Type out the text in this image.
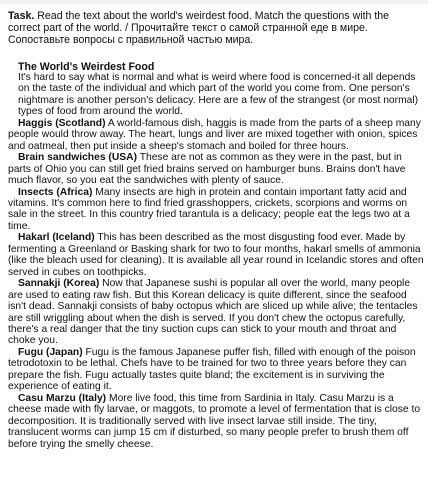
Task. Read the text about the world's weirdest food. Match the questions with the correct part of the world. / Прочитайте текст о самой странной еде в мире. Сопоставьте вопросы с правильной частью мира.
The World's Weirdest Food

It's hard to say what is normal and what is weird where food is concerned-it all depends on the taste of the individual and which part of the world you come from. One person's nightmare is another person's delicacy. Here are a few of the strangest (or most normal) types of food from around the world.

Haggis (Scotland) A world-famous dish, haggis is made from the parts of a sheep many people would throw away. The heart, lungs and liver are mixed together with onion, spices and oatmeal, then put inside a sheep's stomach and boiled for three hours.

Brain sandwiches (USA) These are not as common as they were in the past, but in parts of Ohio you can still get fried brains served on hamburger buns. Brains don't have much flavor, so you eat the sandwiches with plenty of sauce.

Insects (Africa) Many insects are high in protein and contain important fatty acid and vitamins. It's common here to find fried grasshoppers, crickets, scorpions and worms on sale in the street. In this country fried tarantula is a delicacy; people eat the legs two at a time.

Hakarl (Iceland) This has been described as the most disgusting food ever. Made by fermenting a Greenland or Basking shark for two to four months, hakarl smells of ammonia (like the bleach used for cleaning). It is available all year round in Icelandic stores and often served in cubes on toothpicks.

Sannakji (Korea) Now that Japanese sushi is popular all over the world, many people are used to eating raw fish. But this Korean delicacy is quite different, since the seafood isn't dead. Sannakji consists of baby octopus which are sliced up while alive; the tentacles are still wriggling about when the dish is served. If you don't chew the octopus carefully, there's a real danger that the tiny suction cups can stick to your mouth and throat and choke you.

Fugu (Japan) Fugu is the famous Japanese puffer fish, filled with enough of the poison tetrodotoxin to be lethal. Chefs have to be trained for two to three years before they can prepare the fish. Fugu actually tastes quite bland; the excitement is in surviving the experience of eating it.

Casu Marzu (Italy) More live food, this time from Sardinia in Italy. Casu Marzu is a cheese made with fly larvae, or maggots, to promote a level of fermentation that is close to decomposition. It is traditionally served with live insect larvae still inside. The tiny, translucent worms can jump 15 cm if disturbed, so many people prefer to brush them off before trying the smelly cheese.
